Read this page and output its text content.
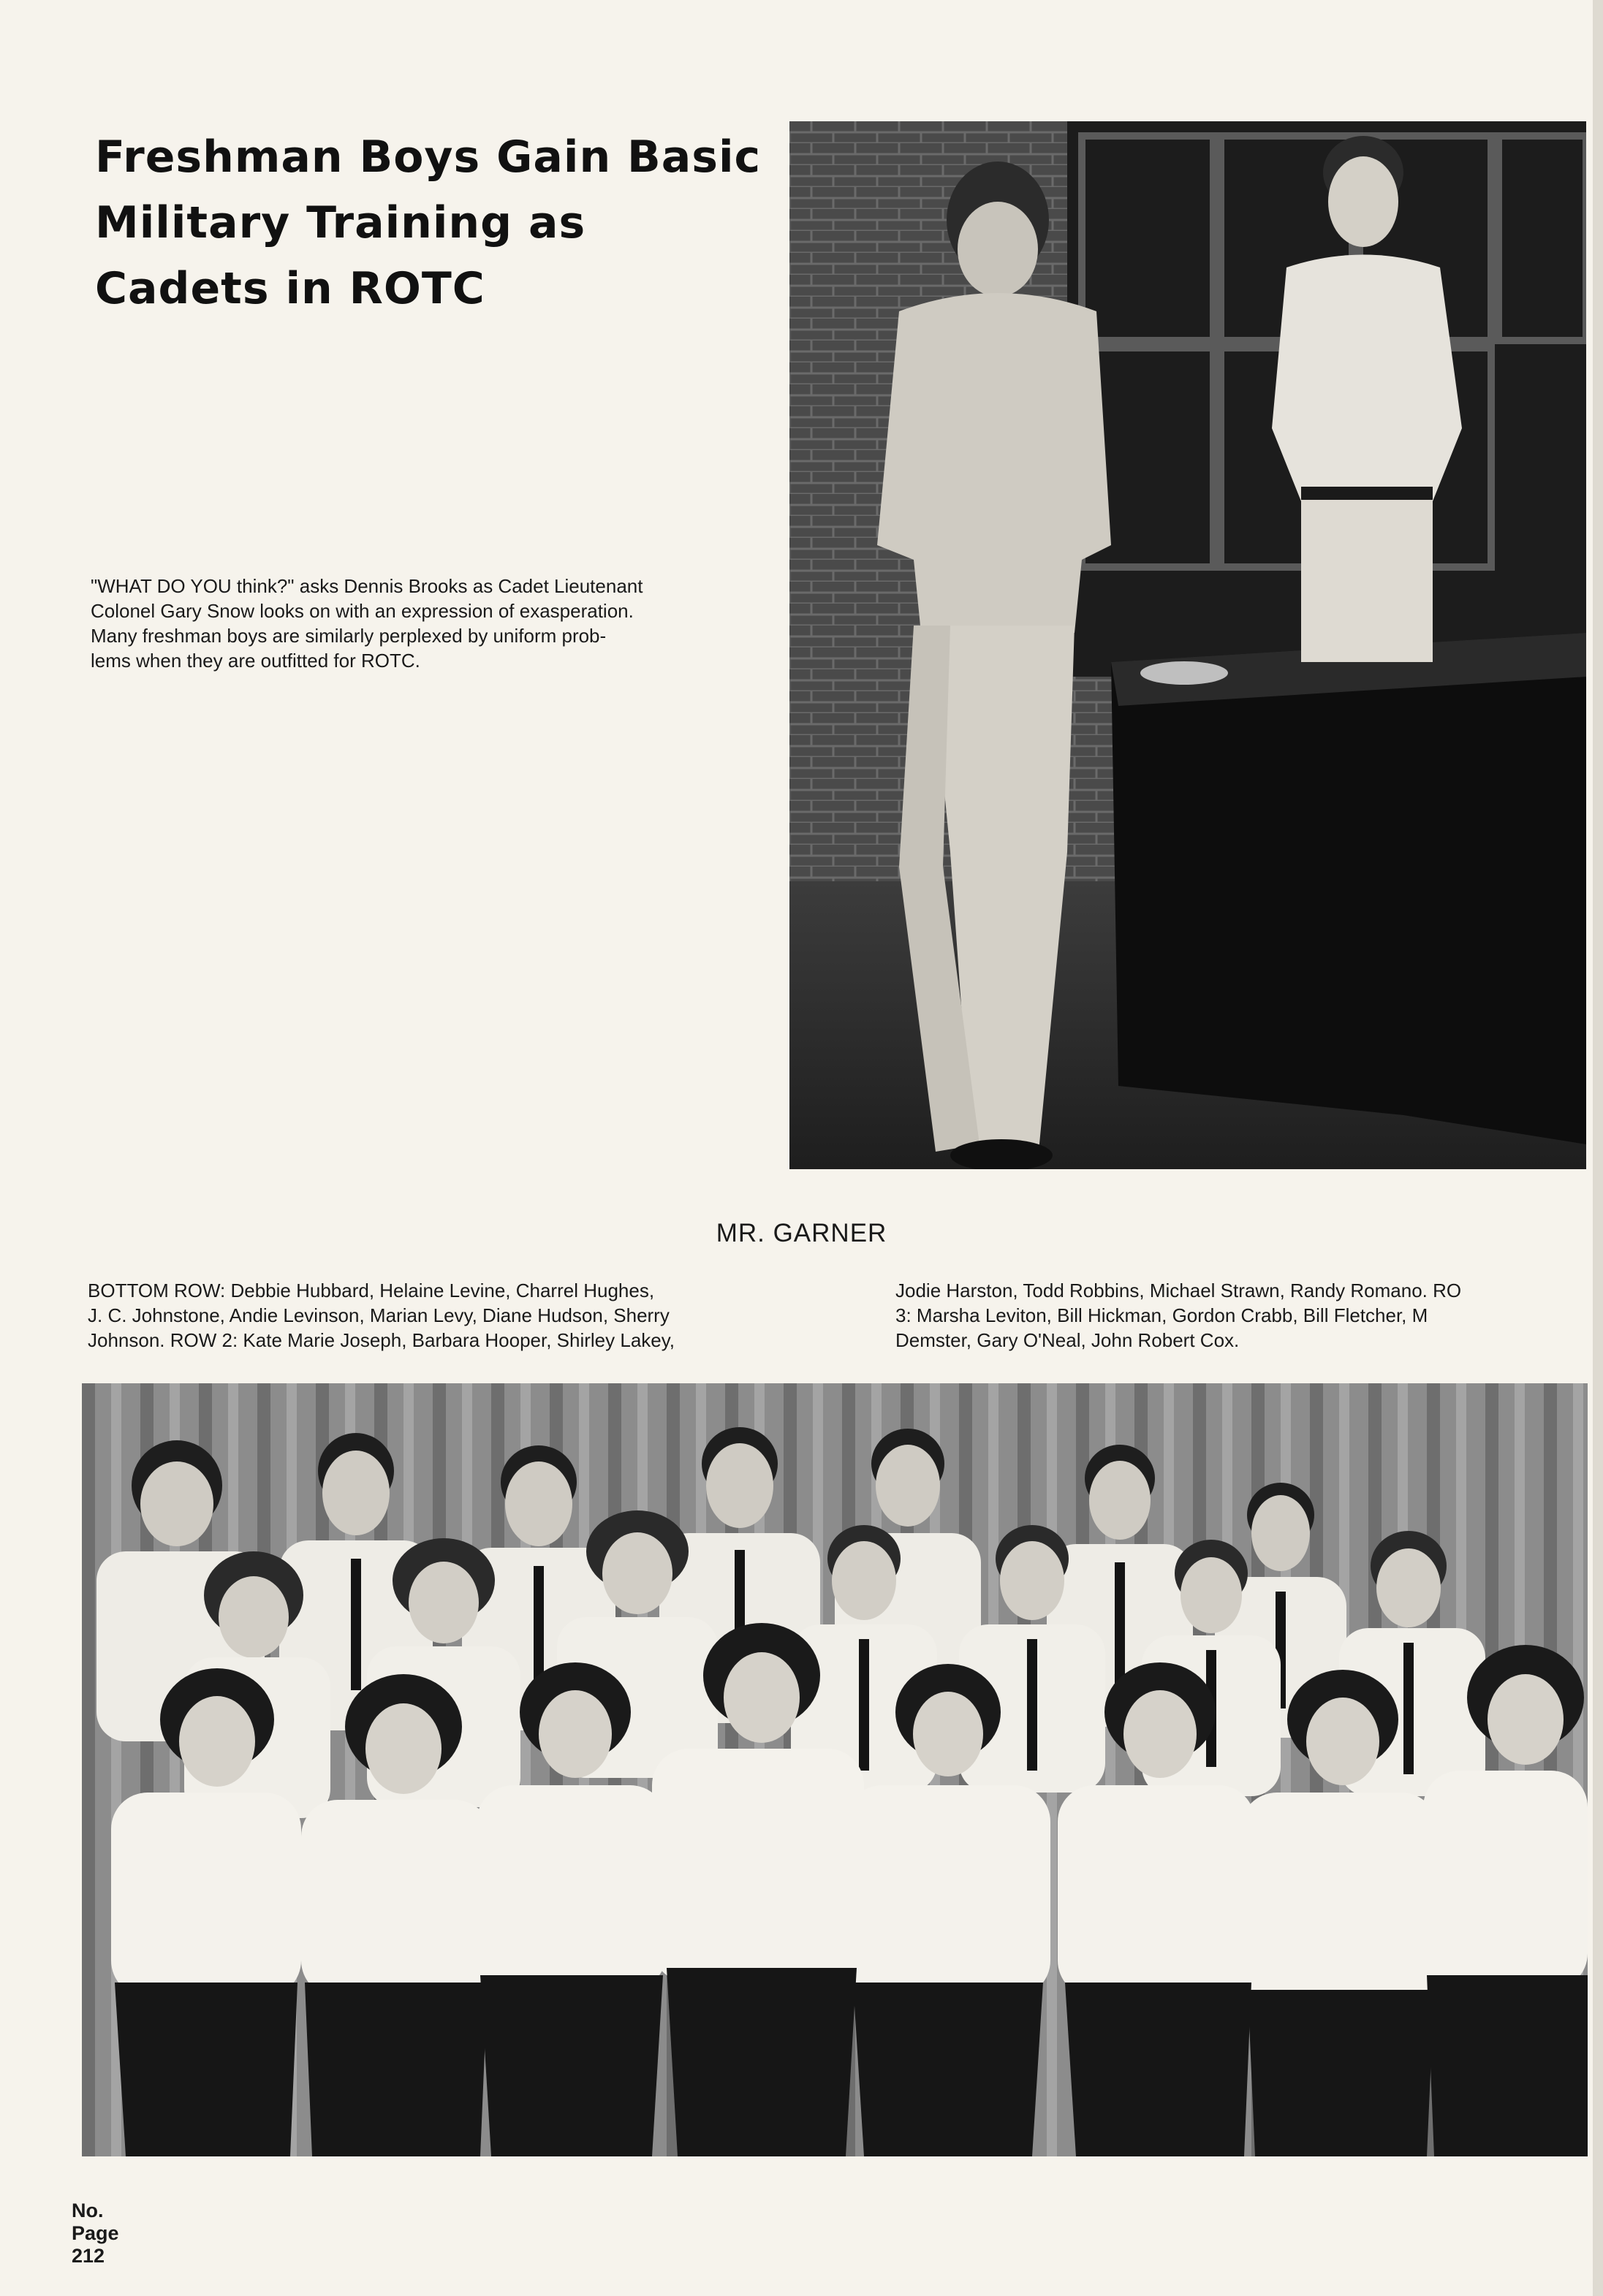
Freshman Boys Gain Basic
Military Training as
Cadets in ROTC
"WHAT DO YOU think?" asks Dennis Brooks as Cadet Lieutenant
Colonel Gary Snow looks on with an expression of exasperation.
Many freshman boys are similarly perplexed by uniform prob-
lems when they are outfitted for ROTC.
MR. GARNER
BOTTOM ROW: Debbie Hubbard, Helaine Levine, Charrel Hughes,
J. C. Johnstone, Andie Levinson, Marian Levy, Diane Hudson, Sherry
Johnson. ROW 2: Kate Marie Joseph, Barbara Hooper, Shirley Lakey,
Jodie Harston, Todd Robbins, Michael Strawn, Randy Romano. RO
3: Marsha Leviton, Bill Hickman, Gordon Crabb, Bill Fletcher, M
Demster, Gary O'Neal, John Robert Cox.
No.
Page
212
